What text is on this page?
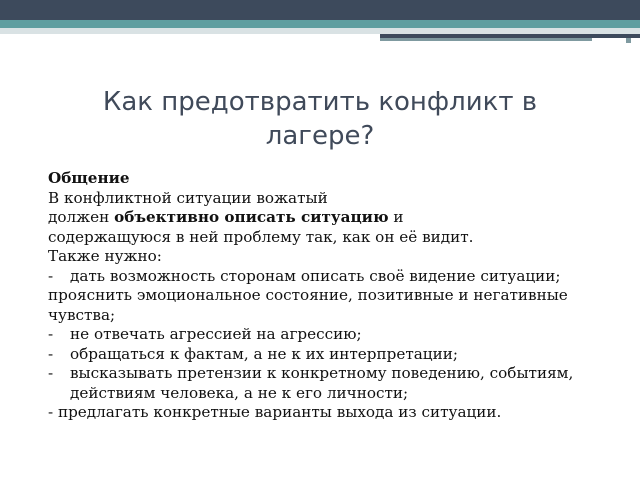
Как предотвратить конфликт в лагере?

Общение

В конфликтной ситуации вожатый

должен объективно описать ситуацию и

содержащуюся в ней проблему так, как он её видит.

Также нужно:

- дать возможность сторонам описать своё видение ситуации;

прояснить эмоциональное состояние, позитивные и негативные чувства;

- не отвечать агрессией на агрессию;
- обращаться к фактам, а не к их интерпретации;
- высказывать претензии к конкретному поведению, событиям, действиям человека, а не к его личности;

- предлагать конкретные варианты выхода из ситуации.
